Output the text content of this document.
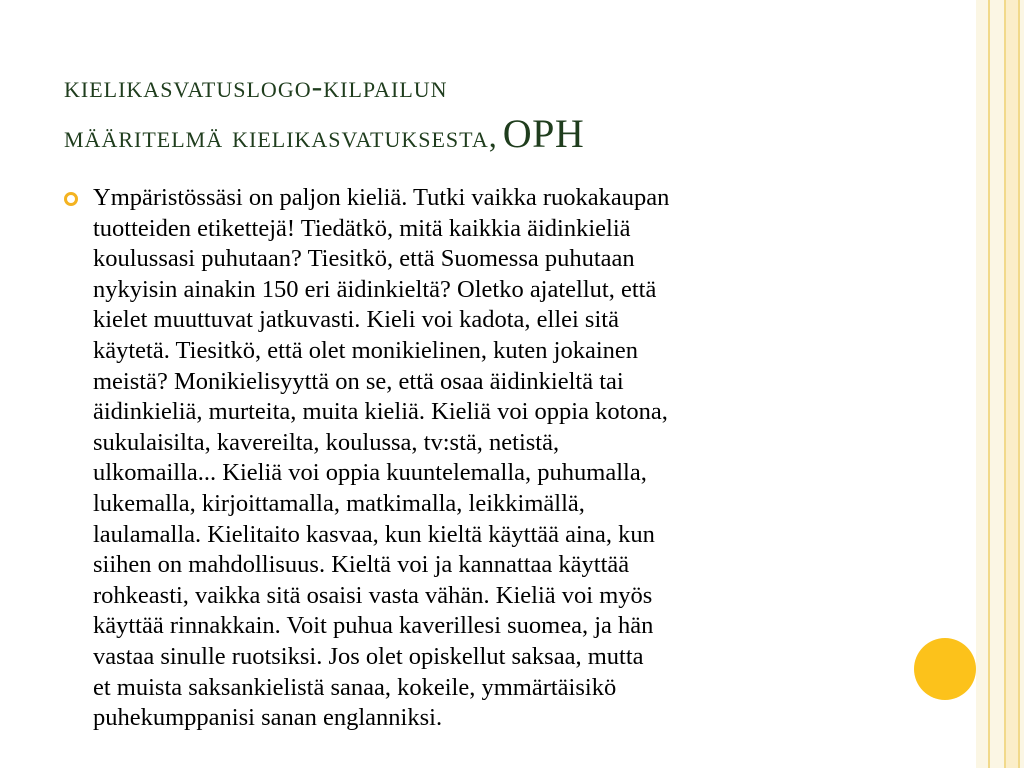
kielikasvatuslogo-kilpailun
määritelmä kielikasvatuksesta, OPH
Ympäristössäsi on paljon kieliä. Tutki vaikka ruokakaupan
tuotteiden etikettejä! Tiedätkö, mitä kaikkia äidinkieliä
koulussasi puhutaan? Tiesitkö, että Suomessa puhutaan
nykyisin ainakin 150 eri äidinkieltä? Oletko ajatellut, että
kielet muuttuvat jatkuvasti. Kieli voi kadota, ellei sitä
käytetä. Tiesitkö, että olet monikielinen, kuten jokainen
meistä? Monikielisyyttä on se, että osaa äidinkieltä tai
äidinkieliä, murteita, muita kieliä. Kieliä voi oppia kotona,
sukulaisilta, kavereilta, koulussa, tv:stä, netistä,
ulkomailla... Kieliä voi oppia kuuntelemalla, puhumalla,
lukemalla, kirjoittamalla, matkimalla, leikkimällä,
laulamalla. Kielitaito kasvaa, kun kieltä käyttää aina, kun
siihen on mahdollisuus. Kieltä voi ja kannattaa käyttää
rohkeasti, vaikka sitä osaisi vasta vähän. Kieliä voi myös
käyttää rinnakkain. Voit puhua kaverillesi suomea, ja hän
vastaa sinulle ruotsiksi. Jos olet opiskellut saksaa, mutta
et muista saksankielistä sanaa, kokeile, ymmärtäisikö
puhekumppanisi sanan englanniksi.
